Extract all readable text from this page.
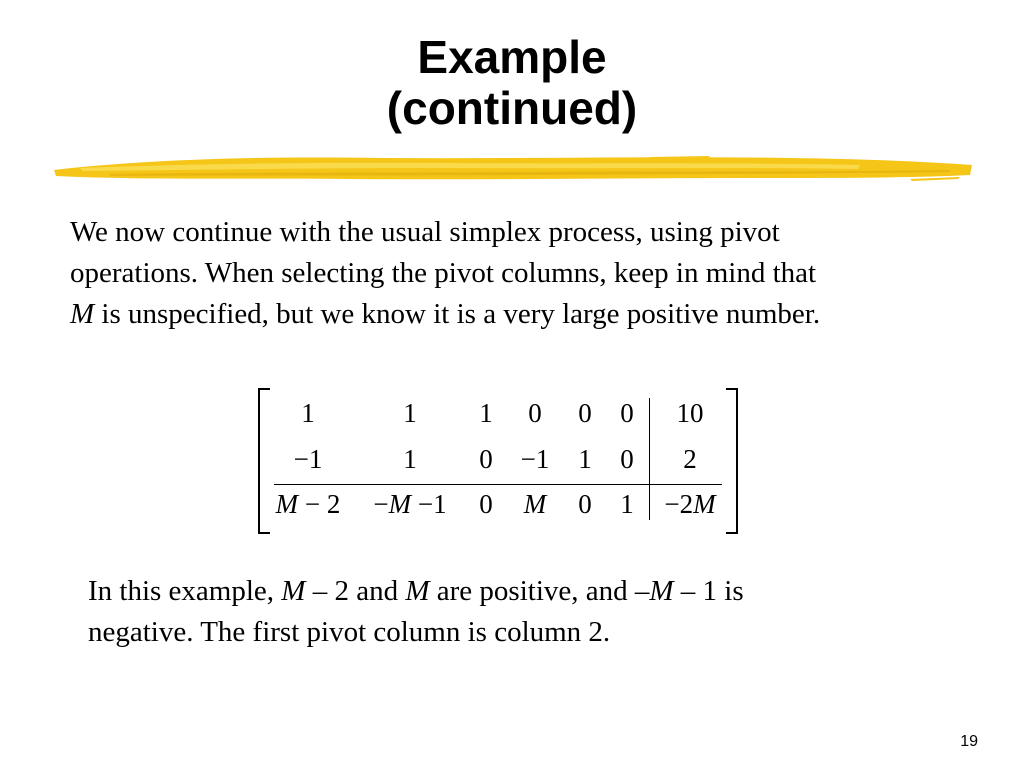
Example
(continued)
We now continue with the usual simplex process, using pivot
operations. When selecting the pivot columns, keep in mind that
M is unspecified, but we know it is a very large positive number.
1	1	1	0	0	0	10
−1	1	0	−1	1	0	2
M − 2	−M −1	0	M	0	1	−2M
In this example, M – 2 and M are positive, and –M – 1 is
negative. The first pivot column is column 2.
19
